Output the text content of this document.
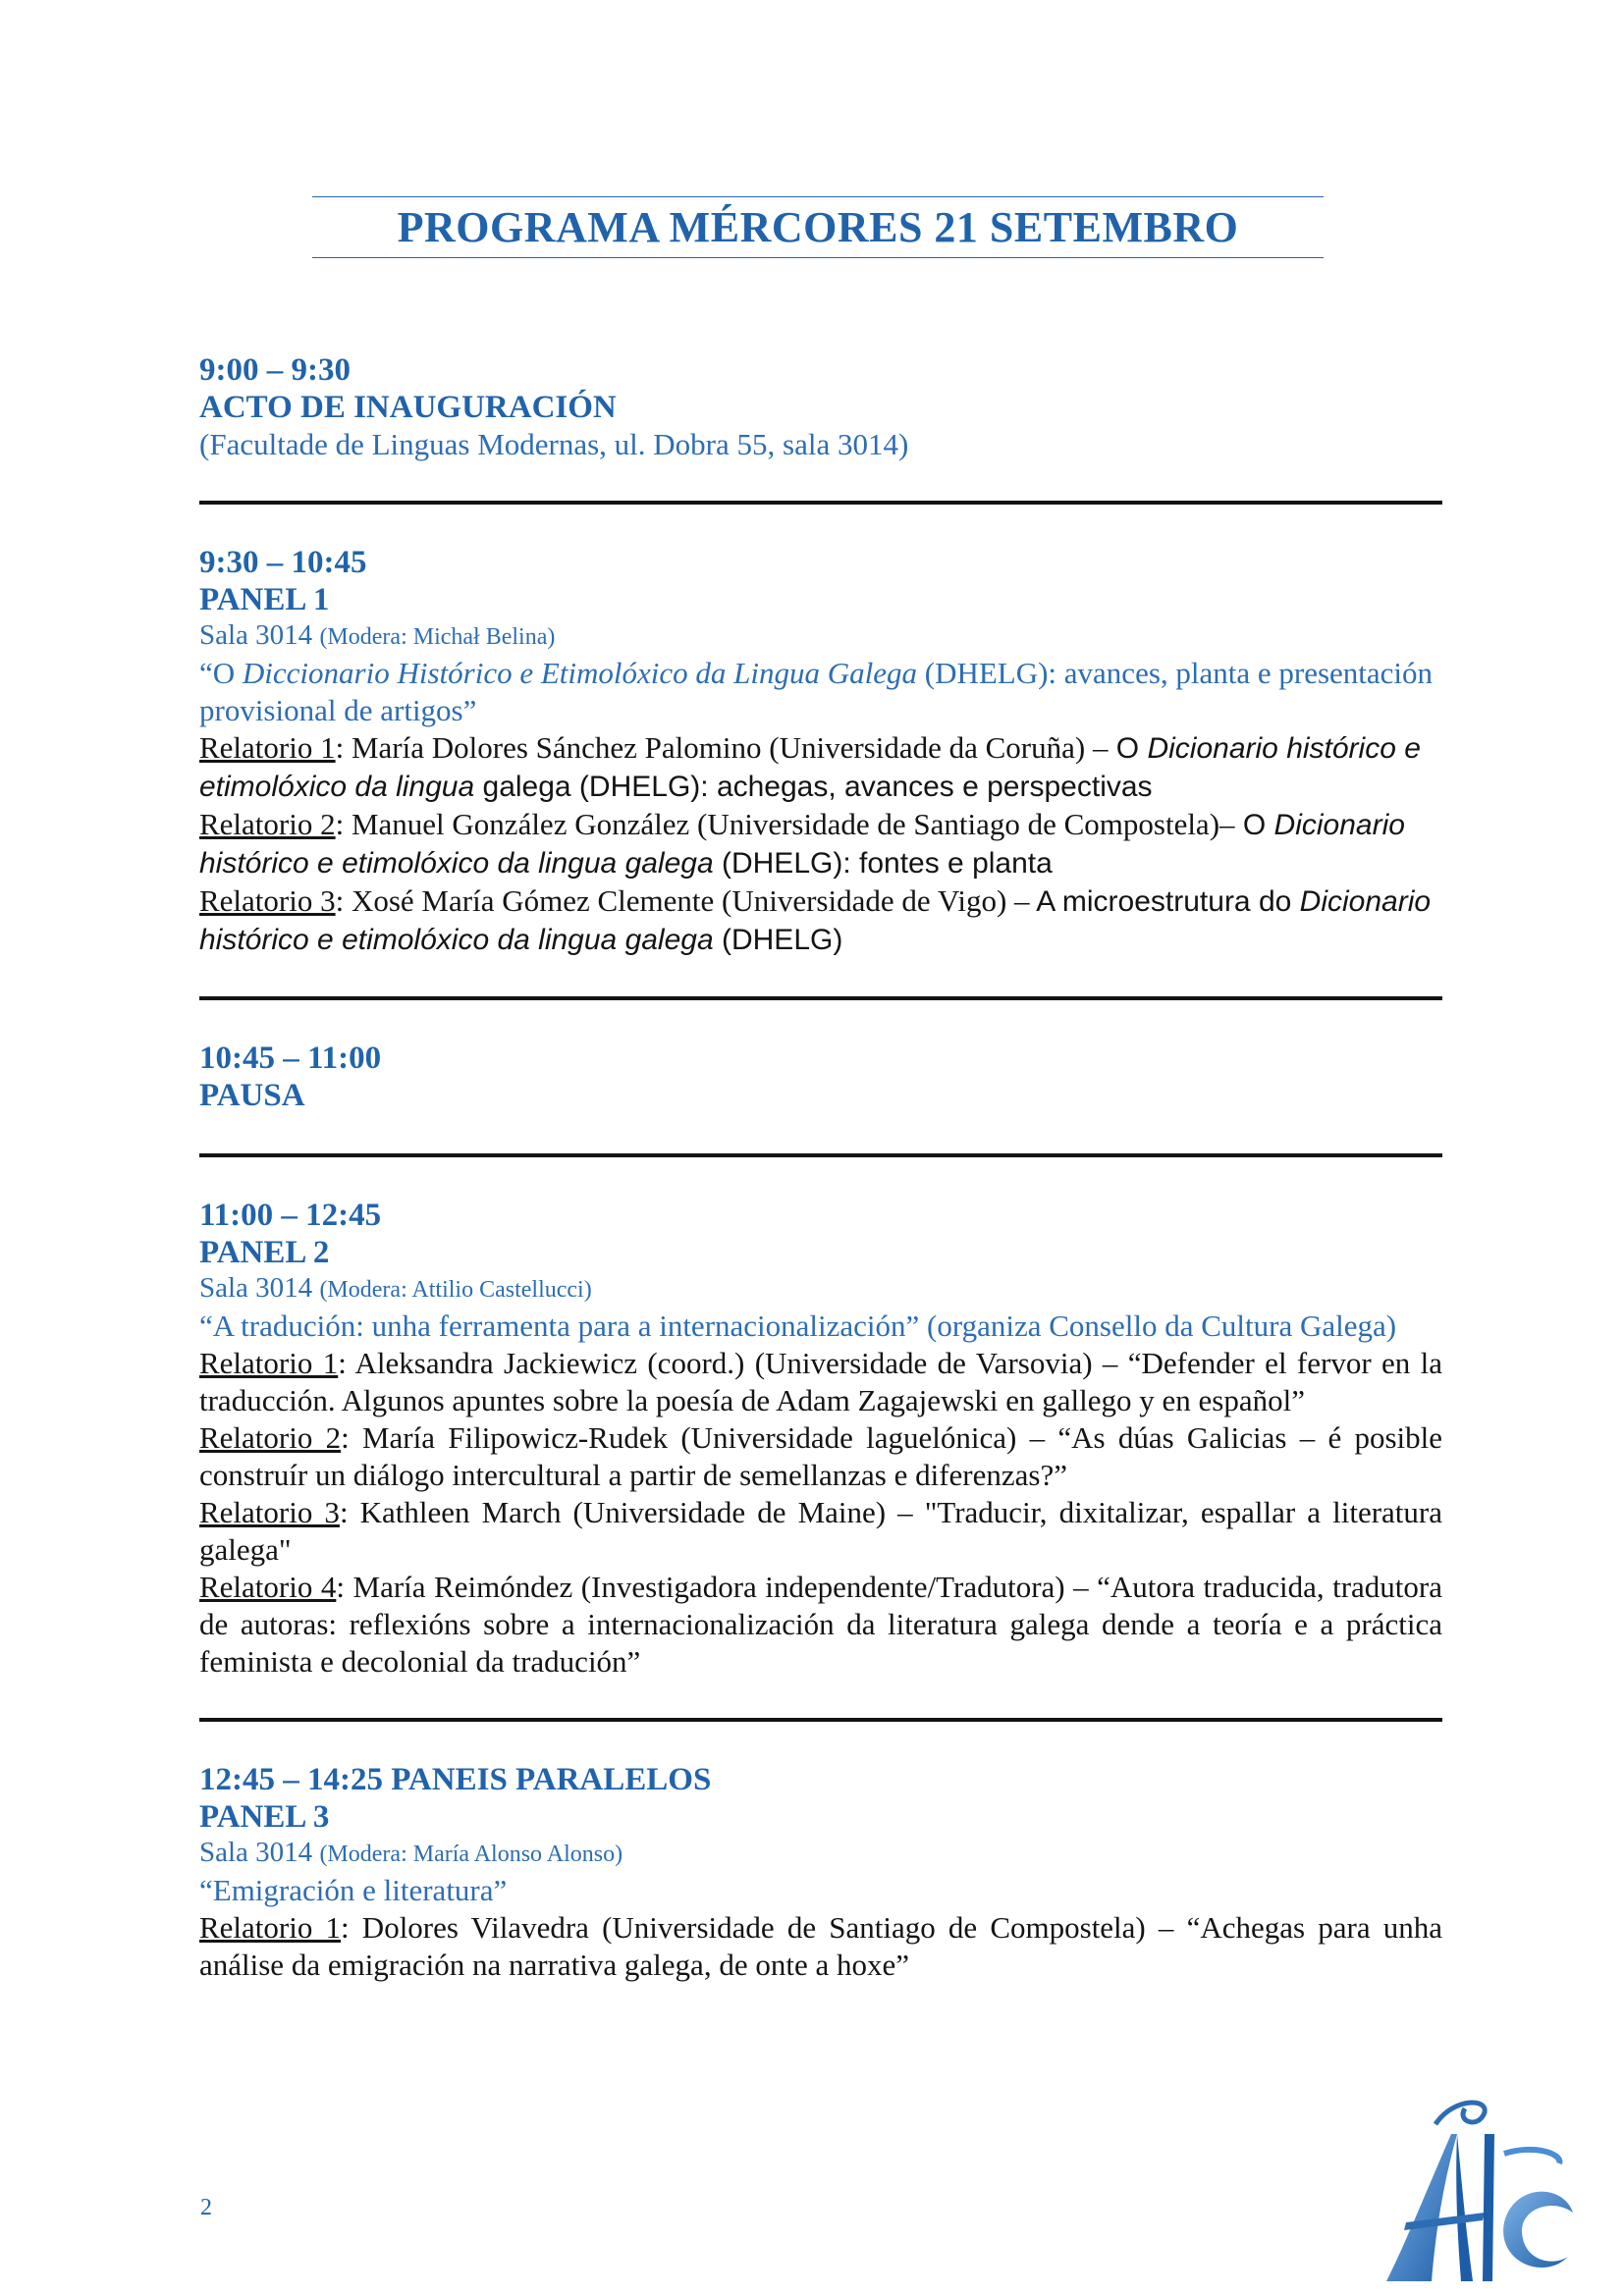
PROGRAMA MÉRCORES 21 SETEMBRO
9:00 – 9:30
ACTO DE INAUGURACIÓN
(Facultade de Linguas Modernas, ul. Dobra 55, sala 3014)
9:30 – 10:45
PANEL 1
Sala 3014 (Modera: Michał Belina)
“O Diccionario Histórico e Etimolóxico da Lingua Galega (DHELG): avances, planta e presentación provisional de artigos”
Relatorio 1: María Dolores Sánchez Palomino (Universidade da Coruña) – O Dicionario histórico e etimolóxico da lingua galega (DHELG): achegas, avances e perspectivas
Relatorio 2: Manuel González González (Universidade de Santiago de Compostela)– O Dicionario histórico e etimolóxico da lingua galega (DHELG): fontes e planta
Relatorio 3: Xosé María Gómez Clemente (Universidade de Vigo) – A microestrutura do Dicionario histórico e etimolóxico da lingua galega (DHELG)
10:45 – 11:00
PAUSA
11:00 – 12:45
PANEL 2
Sala 3014 (Modera: Attilio Castellucci)
“A tradución: unha ferramenta para a internacionalización” (organiza Consello da Cultura Galega)
Relatorio 1: Aleksandra Jackiewicz (coord.) (Universidade de Varsovia) – “Defender el fervor en la traducción. Algunos apuntes sobre la poesía de Adam Zagajewski en gallego y en español”
Relatorio 2: María Filipowicz-Rudek (Universidade laguelónica) – “As dúas Galicias – é posible construír un diálogo intercultural a partir de semellanzas e diferenzas?”
Relatorio 3: Kathleen March (Universidade de Maine) – "Traducir, dixitalizar, espallar a literatura galega"
Relatorio 4: María Reimóndez (Investigadora independente/Tradutora) – “Autora traducida, tradutora de autoras: reflexións sobre a internacionalización da literatura galega dende a teoría e a práctica feminista e decolonial da tradución”
12:45 – 14:25 PANEIS PARALELOS
PANEL 3
Sala 3014 (Modera: María Alonso Alonso)
“Emigración e literatura”
Relatorio 1: Dolores Vilavedra (Universidade de Santiago de Compostela) – “Achegas para unha análise da emigración na narrativa galega, de onte a hoxe”
2
